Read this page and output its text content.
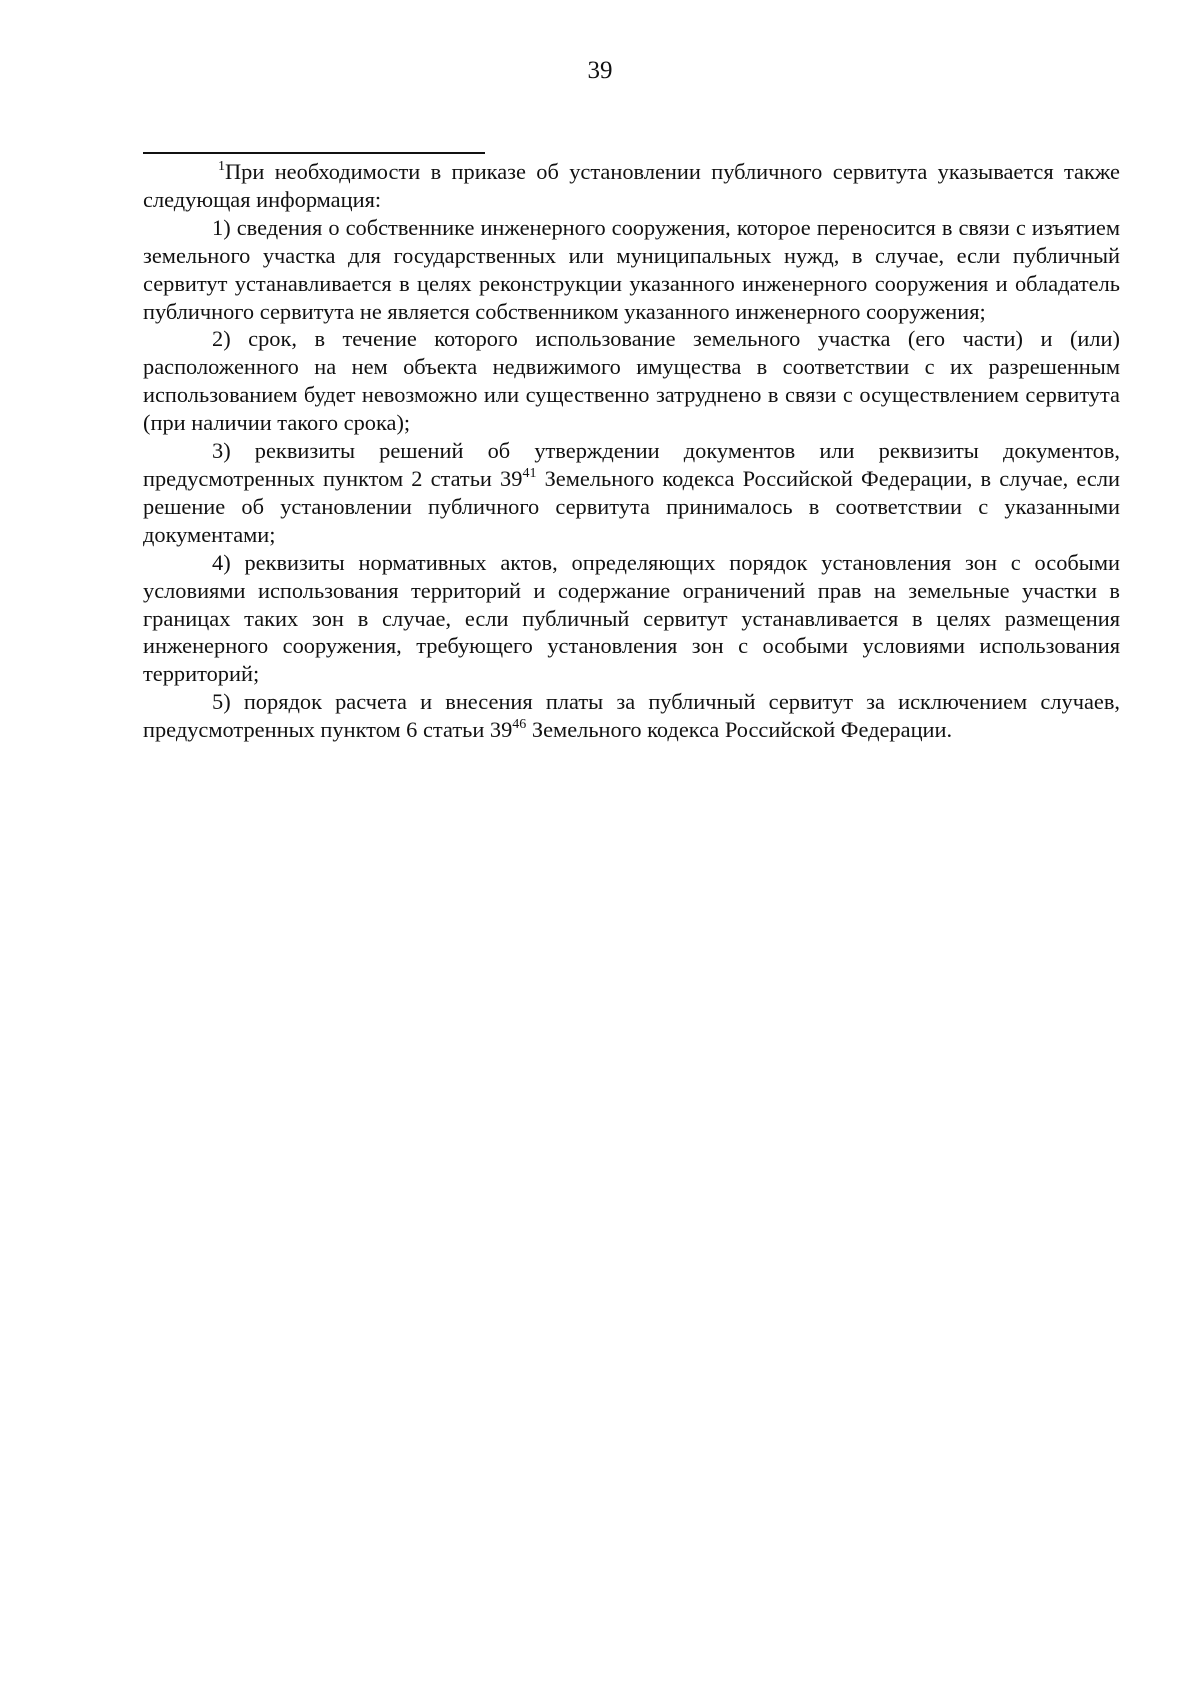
39

$^1$При необходимости в приказе об установлении публичного сервитута указывается также следующая информация:

1) сведения о собственнике инженерного сооружения, которое переносится в связи с изъятием земельного участка для государственных или муниципальных нужд, в случае, если публичный сервитут устанавливается в целях реконструкции указанного инженерного сооружения и обладатель публичного сервитута не является собственником указанного инженерного сооружения;

2) срок, в течение которого использование земельного участка (его части) и (или) расположенного на нем объекта недвижимого имущества в соответствии с их разрешенным использованием будет невозможно или существенно затруднено в связи с осуществлением сервитута (при наличии такого срока);

3) реквизиты решений об утверждении документов или реквизиты документов, предусмотренных пунктом 2 статьи $39^{41}$ Земельного кодекса Российской Федерации, в случае, если решение об установлении публичного сервитута принималось в соответствии с указанными документами;

4) реквизиты нормативных актов, определяющих порядок установления зон с особыми условиями использования территорий и содержание ограничений прав на земельные участки в границах таких зон в случае, если публичный сервитут устанавливается в целях размещения инженерного сооружения, требующего установления зон с особыми условиями использования территорий;

5) порядок расчета и внесения платы за публичный сервитут за исключением случаев, предусмотренных пунктом 6 статьи $39^{46}$ Земельного кодекса Российской Федерации.
